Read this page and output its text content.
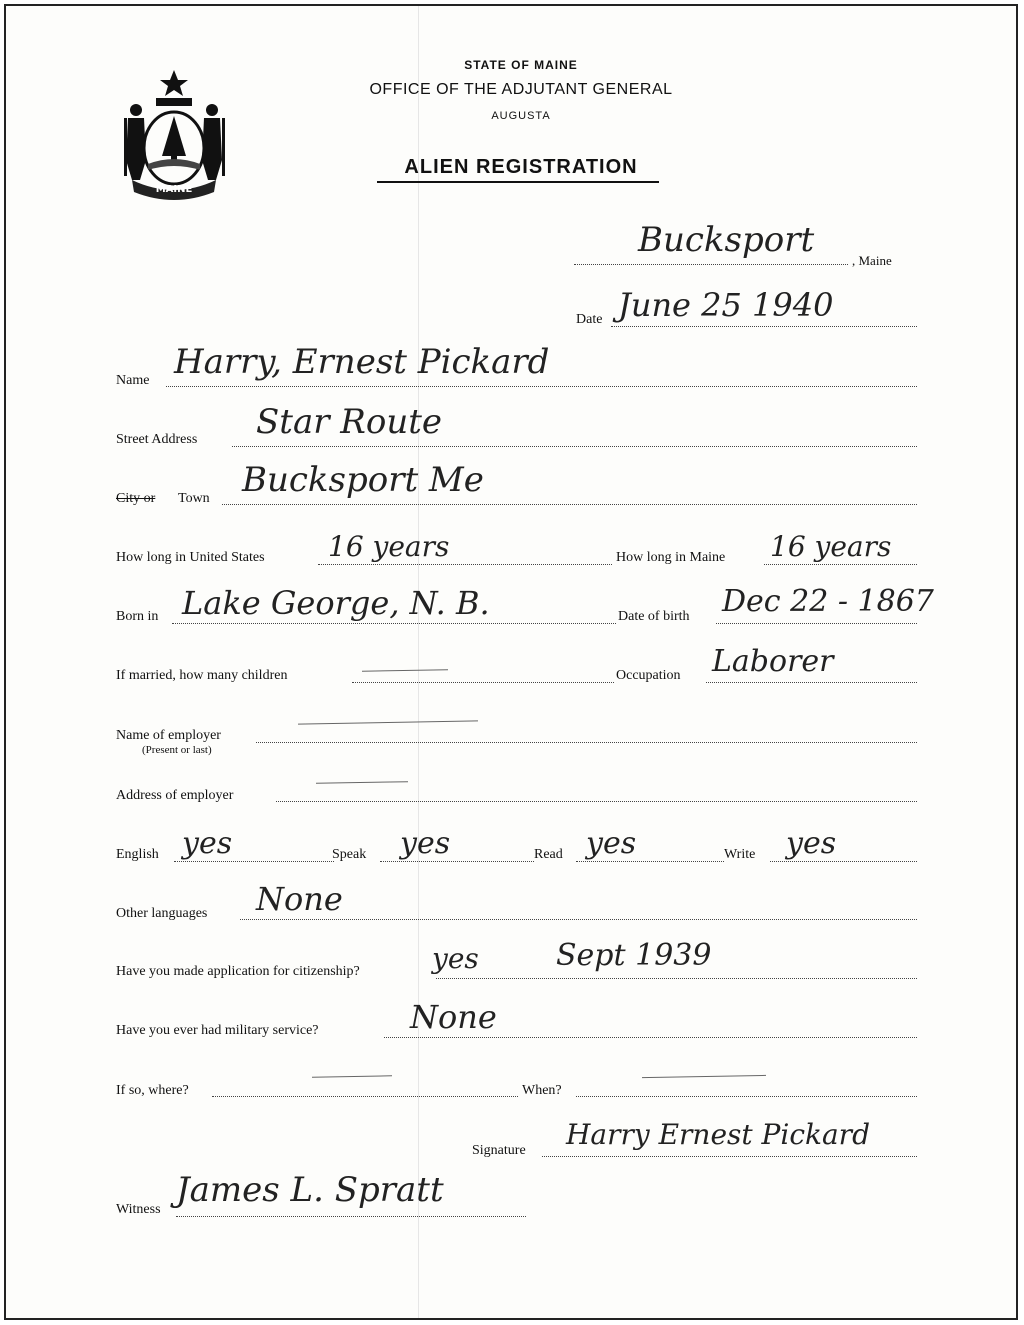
MAINE
STATE OF MAINE
OFFICE OF THE ADJUTANT GENERAL
AUGUSTA
ALIEN REGISTRATION
Bucksport
, Maine
Date June 25 1940
Name Harry, Ernest Pickard
Street Address Star Route
City or Town Bucksport Me
How long in United States 16 years	How long in Maine 16 years
Born in Lake George, N. B.	Date of birth Dec 22 - 1867
If married, how many children	Occupation Laborer
Name of employer
(Present or last)
Address of employer
English yes	Speak yes	Read yes	Write yes
Other languages None
Have you made application for citizenship?	yes	Sept 1939
Have you ever had military service?	None
If so, where?	When?
Signature Harry Ernest Pickard
Witness James L. Spratt
